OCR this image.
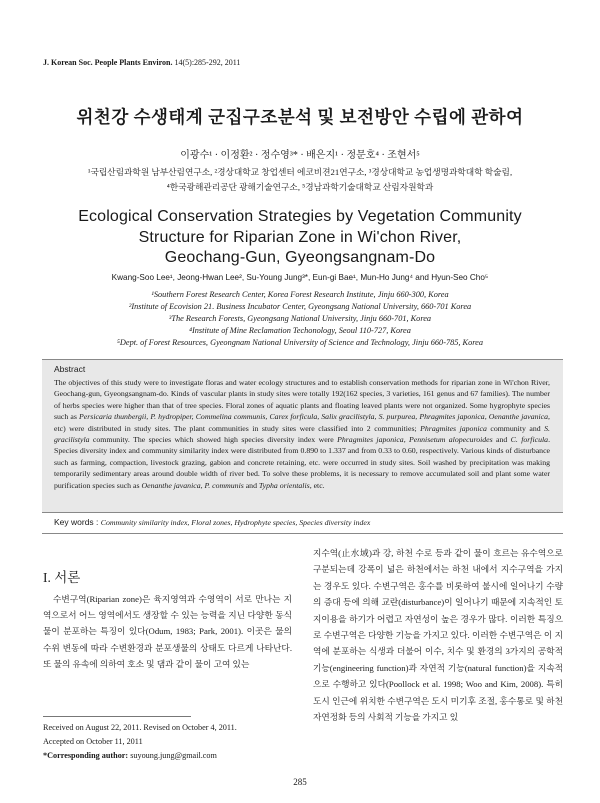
J. Korean Soc. People Plants Environ. 14(5):285-292, 2011
위천강 수생태계 군집구조분석 및 보전방안 수립에 관하여
이광수¹ · 이정환² · 정수영³* · 배은지¹ · 정문호⁴ · 조현서⁵
¹국립산림과학원 남부산림연구소, ²경상대학교 창업센터 에코비젼21연구소, ³경상대학교 농업생명과학대학 학술림,
⁴한국광해관리공단 광해기술연구소, ⁵경남과학기술대학교 산림자원학과
Ecological Conservation Strategies by Vegetation Community
Structure for Riparian Zone in Wi'chon River,
Geochang-Gun, Gyeongsangnam-Do
Kwang-Soo Lee¹, Jeong-Hwan Lee², Su-Young Jung³*, Eun-gi Bae¹, Mun-Ho Jung⁴ and Hyun-Seo Cho⁵
¹Southern Forest Research Center, Korea Forest Research Institute, Jinju 660-300, Korea
²Institute of Ecovision 21. Business Incubator Center, Gyeongsang National University, 660-701 Korea
³The Research Forests, Gyeongsang National University, Jinju 660-701, Korea
⁴Institute of Mine Reclamation Techonology, Seoul 110-727, Korea
⁵Dept. of Forest Resources, Gyeongnam National University of Science and Technology, Jinju 660-785, Korea
Abstract

The objectives of this study were to investigate floras and water ecology structures and to establish conservation methods for riparian zone in Wi'chon River, Geochang-gun, Gyeongsangnam-do. Kinds of vascular plants in study sites were totally 192(162 species, 3 varieties, 161 genus and 67 families). The number of herbs species were higher than that of tree species. Floral zones of aquatic plants and floating leaved plants were not organized. Some hygrophyte species such as Persicaria thunbergii, P. hydropiper, Commelina communis, Carex forficula, Salix gracilistyla, S. purpurea, Phragmites japonica, Oenanthe javanica, etc) were distributed in study sites. The plant communities in study sites were classified into 2 communities; Phragmites japonica community and S. gracilistyla community. The species which showed high species diversity index were Phragmites japonica, Pennisetum alopecuroides and C. forficula. Species diversity index and community similarity index were distributed from 0.890 to 1.337 and from 0.33 to 0.60, respectively. Various kinds of disturbance such as farming, compaction, livestock grazing, gabion and concrete retaining, etc. were occurred in study sites. Soil washed by precipitation was making temporarily sedimentary areas around double width of river bed. To solve these problems, it is necessary to remove accumulated soil and plant some water purification species such as Oenanthe javanica, P. communis and Typha orientalis, etc.

Key words : Community similarity index, Floral zones, Hydrophyte species, Species diversity index
I. 서론

수변구역(Riparian zone)은 육지영역과 수영역이 서로 만나는 지역으로서 어느 영역에서도 생장할 수 있는 능력을 지닌 다양한 동식물이 분포하는 특징이 있다(Odum, 1983; Park, 2001). 이곳은 물의 수위 변동에 따라 수변환경과 분포생물의 상태도 다르게 나타난다. 또 물의 유속에 의하여 호소 및 댐과 같이 물이 고여 있는

지수역(止水域)과 강, 하천 수로 등과 같이 물이 흐르는 유수역으로 구분되는데 강폭이 넓은 하천에서는 하천 내에서 지수구역을 가지는 경우도 있다. 수변구역은 홍수를 비롯하여 불시에 일어나기 수량의 증대 등에 의해 교란(disturbance)이 일어나기 때문에 지속적인 토지이용을 하기가 어렵고 자연성이 높은 경우가 많다. 이러한 특징으로 수변구역은 다양한 기능을 가지고 있다. 이러한 수변구역은 이 지역에 분포하는 식생과 더불어 이수, 치수 및 환경의 3가지의 공학적 기능(engineering function)과 자연적 기능(natural function)을 지속적으로 수행하고 있다(Poollock et al. 1998; Woo and Kim, 2008). 특히 도시 인근에 위치한 수변구역은 도시 미기후 조절, 홍수통로 및 하천 자연정화 등의 사회적 기능을 가지고 있

Received on August 22, 2011. Revised on October 4, 2011.
Accepted on October 11, 2011
*Corresponding author: suyoung.jung@gmail.com
285
